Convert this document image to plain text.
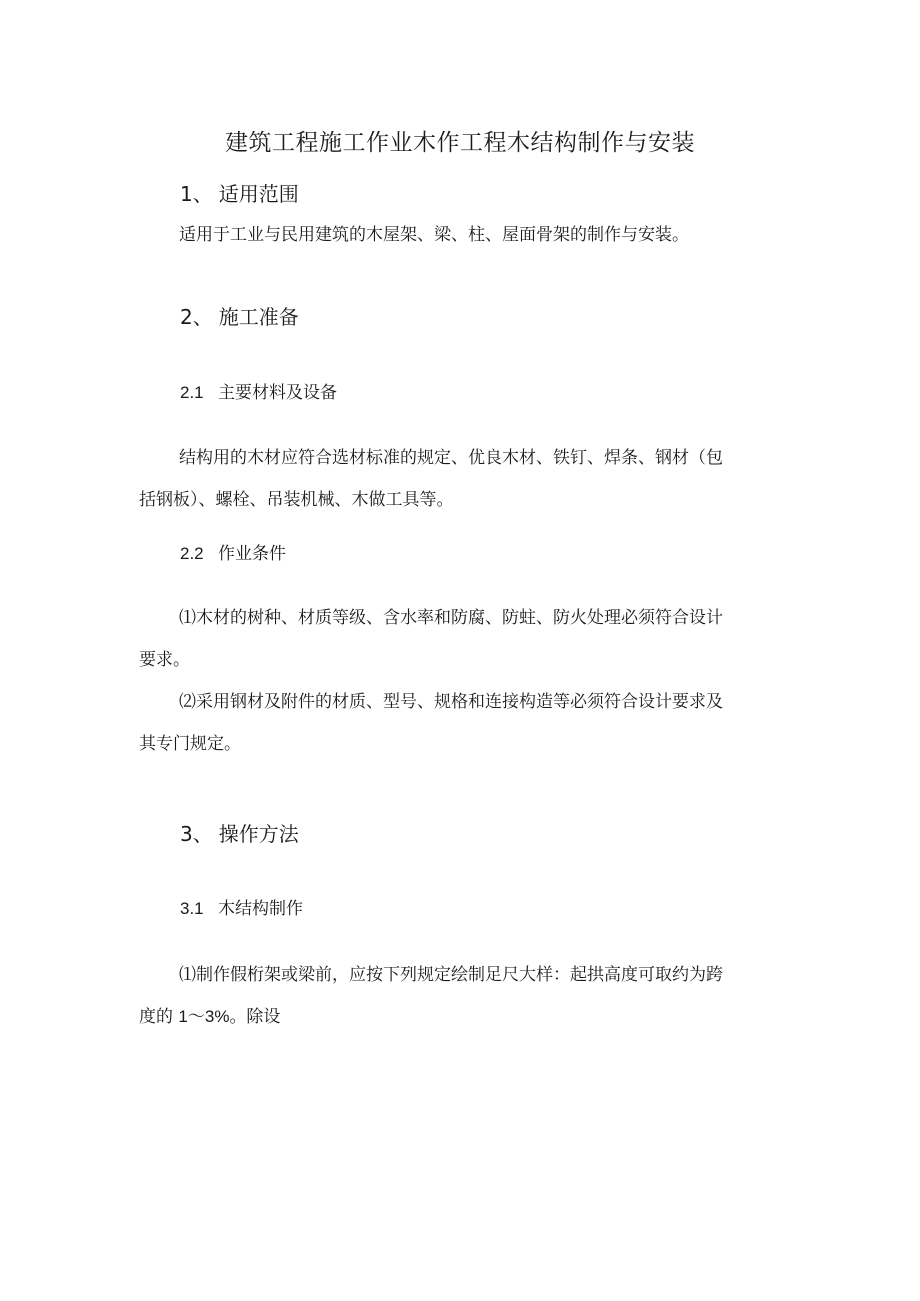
建筑工程施工作业木作工程木结构制作与安装
1、 适用范围
适用于工业与民用建筑的木屋架、梁、柱、屋面骨架的制作与安装。
2、 施工准备
2.1 主要材料及设备
结构用的木材应符合选材标准的规定、优良木材、铁钉、焊条、钢材（包
括钢板）、螺栓、吊装机械、木做工具等。
2.2 作业条件
⑴木材的树种、材质等级、含水率和防腐、防蛀、防火处理必须符合设计
要求。
⑵采用钢材及附件的材质、型号、规格和连接构造等必须符合设计要求及
其专门规定。
3、 操作方法
3.1 木结构制作
⑴制作假桁架或梁前，应按下列规定绘制足尺大样：起拱高度可取约为跨
度的 1～3%。除设
